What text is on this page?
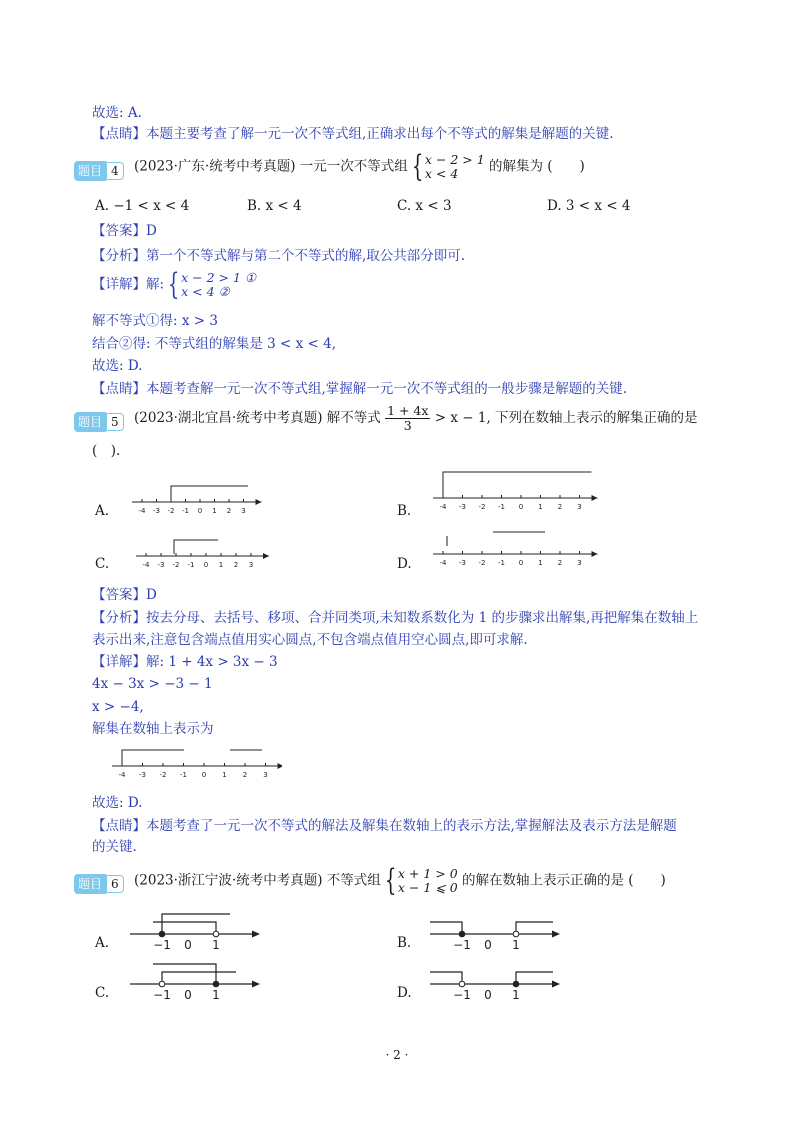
故选: A.
【点睛】本题主要考查了解一元一次不等式组,正确求出每个不等式的解集是解题的关键.
题目 4	(2023·广东·统考中考真题) 一元一次不等式组 { x − 2 > 1
x < 4	的解集为 (　　)
A. −1 < x < 4	B. x < 4	C. x < 3	D. 3 < x < 4
【答案】D
【分析】第一个不等式解与第二个不等式的解,取公共部分即可.
【详解】解: { x − 2 > 1 ①
x < 4 ②
解不等式①得: x > 3
结合②得: 不等式组的解集是 3 < x < 4,
故选: D.
【点睛】本题考查解一元一次不等式组,掌握解一元一次不等式组的一般步骤是解题的关键.
题目 5	(2023·湖北宜昌·统考中考真题) 解不等式 $\frac{1 + 4x}{3} > x - 1$, 下列在数轴上表示的解集正确的是
(　).
A.	B.
C.	D.
-4 -3 -2 -1 0 1 2 3	-4 -3 -2 -1 0 1 2 3
-4 -3 -2 -1 0 1 2 3	-4 -3 -2 -1 0 1 2 3
【答案】D
【分析】按去分母、去括号、移项、合并同类项,未知数系数化为 1 的步骤求出解集,再把解集在数轴上
表示出来,注意包含端点值用实心圆点,不包含端点值用空心圆点,即可求解.
【详解】解: 1 + 4x > 3x − 3
4x − 3x > −3 − 1
x > −4,
解集在数轴上表示为
-4 -3 -2 -1 0 1 2 3
故选: D.
【点睛】本题考查了一元一次不等式的解法及解集在数轴上的表示方法,掌握解法及表示方法是解题
的关键.
题目 6	(2023·浙江宁波·统考中考真题) 不等式组 { x + 1 > 0
x − 1 ⩽ 0 的解在数轴上表示正确的是 (　　)
A.	B.
C.	D.
−1 0 1	−1 0 1
−1 0 1	−1 0 1
· 2 ·
